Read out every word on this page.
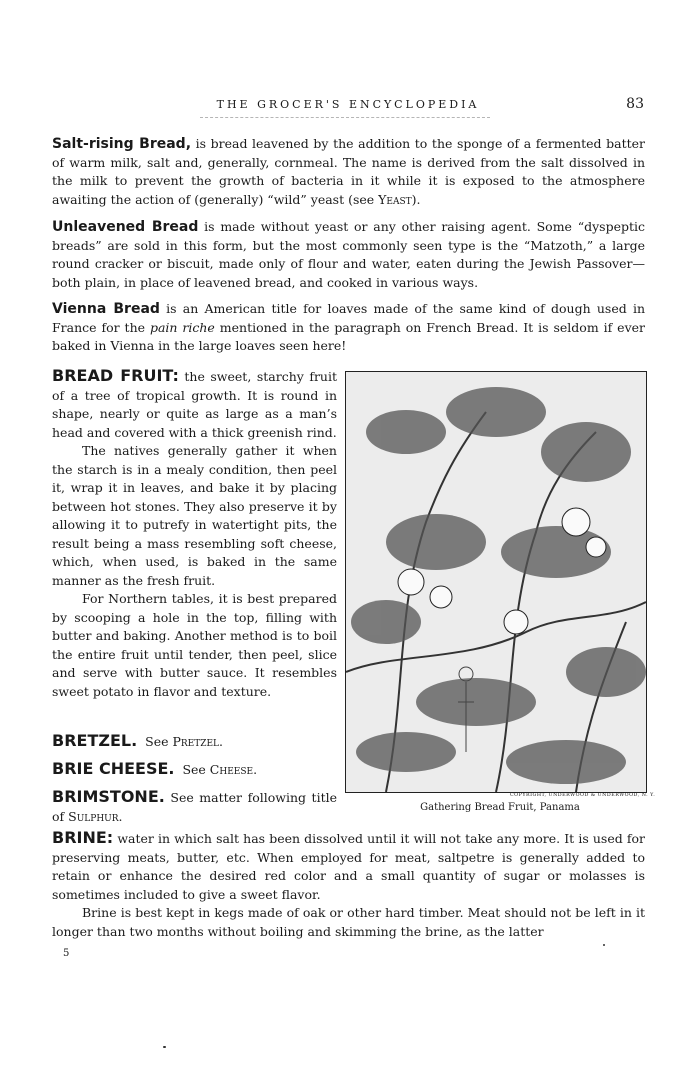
THE GROCER'S ENCYCLOPEDIA	83

Salt-rising Bread, is bread leavened by the addition to the sponge of a fermented batter of warm milk, salt and, generally, cornmeal. The name is derived from the salt dissolved in the milk to prevent the growth of bacteria in it while it is exposed to the atmosphere awaiting the action of (generally) “wild” yeast (see Yeast).

Unleavened Bread is made without yeast or any other raising agent. Some “dyspeptic breads” are sold in this form, but the most commonly seen type is the “Matzoth,” a large round cracker or biscuit, made only of flour and water, eaten during the Jewish Passover—both plain, in place of leavened bread, and cooked in various ways.

Vienna Bread is an American title for loaves made of the same kind of dough used in France for the pain riche mentioned in the paragraph on French Bread. It is seldom if ever baked in Vienna in the large loaves seen here!

BREAD FRUIT: the sweet, starchy fruit of a tree of tropical growth. It is round in shape, nearly or quite as large as a man’s head and covered with a thick greenish rind.

The natives generally gather it when the starch is in a mealy condition, then peel it, wrap it in leaves, and bake it by placing between hot stones. They also preserve it by allowing it to putrefy in watertight pits, the result being a mass resembling soft cheese, which, when used, is baked in the same manner as the fresh fruit.

For Northern tables, it is best prepared by scooping a hole in the top, filling with butter and baking. Another method is to boil the entire fruit until tender, then peel, slice and serve with butter sauce. It resembles sweet potato in flavor and texture.

BRETZEL. See Pretzel.

BRIE CHEESE. See Cheese.

BRIMSTONE. See matter following title of Sulphur.

COPYRIGHT, UNDERWOOD & UNDERWOOD, N. Y.
Gathering Bread Fruit, Panama

BRINE: water in which salt has been dissolved until it will not take any more. It is used for preserving meats, butter, etc. When employed for meat, saltpetre is generally added to retain or enhance the desired red color and a small quantity of sugar or molasses is sometimes included to give a sweet flavor.

Brine is best kept in kegs made of oak or other hard timber. Meat should not be left in it longer than two months without boiling and skimming the brine, as the latter

5
